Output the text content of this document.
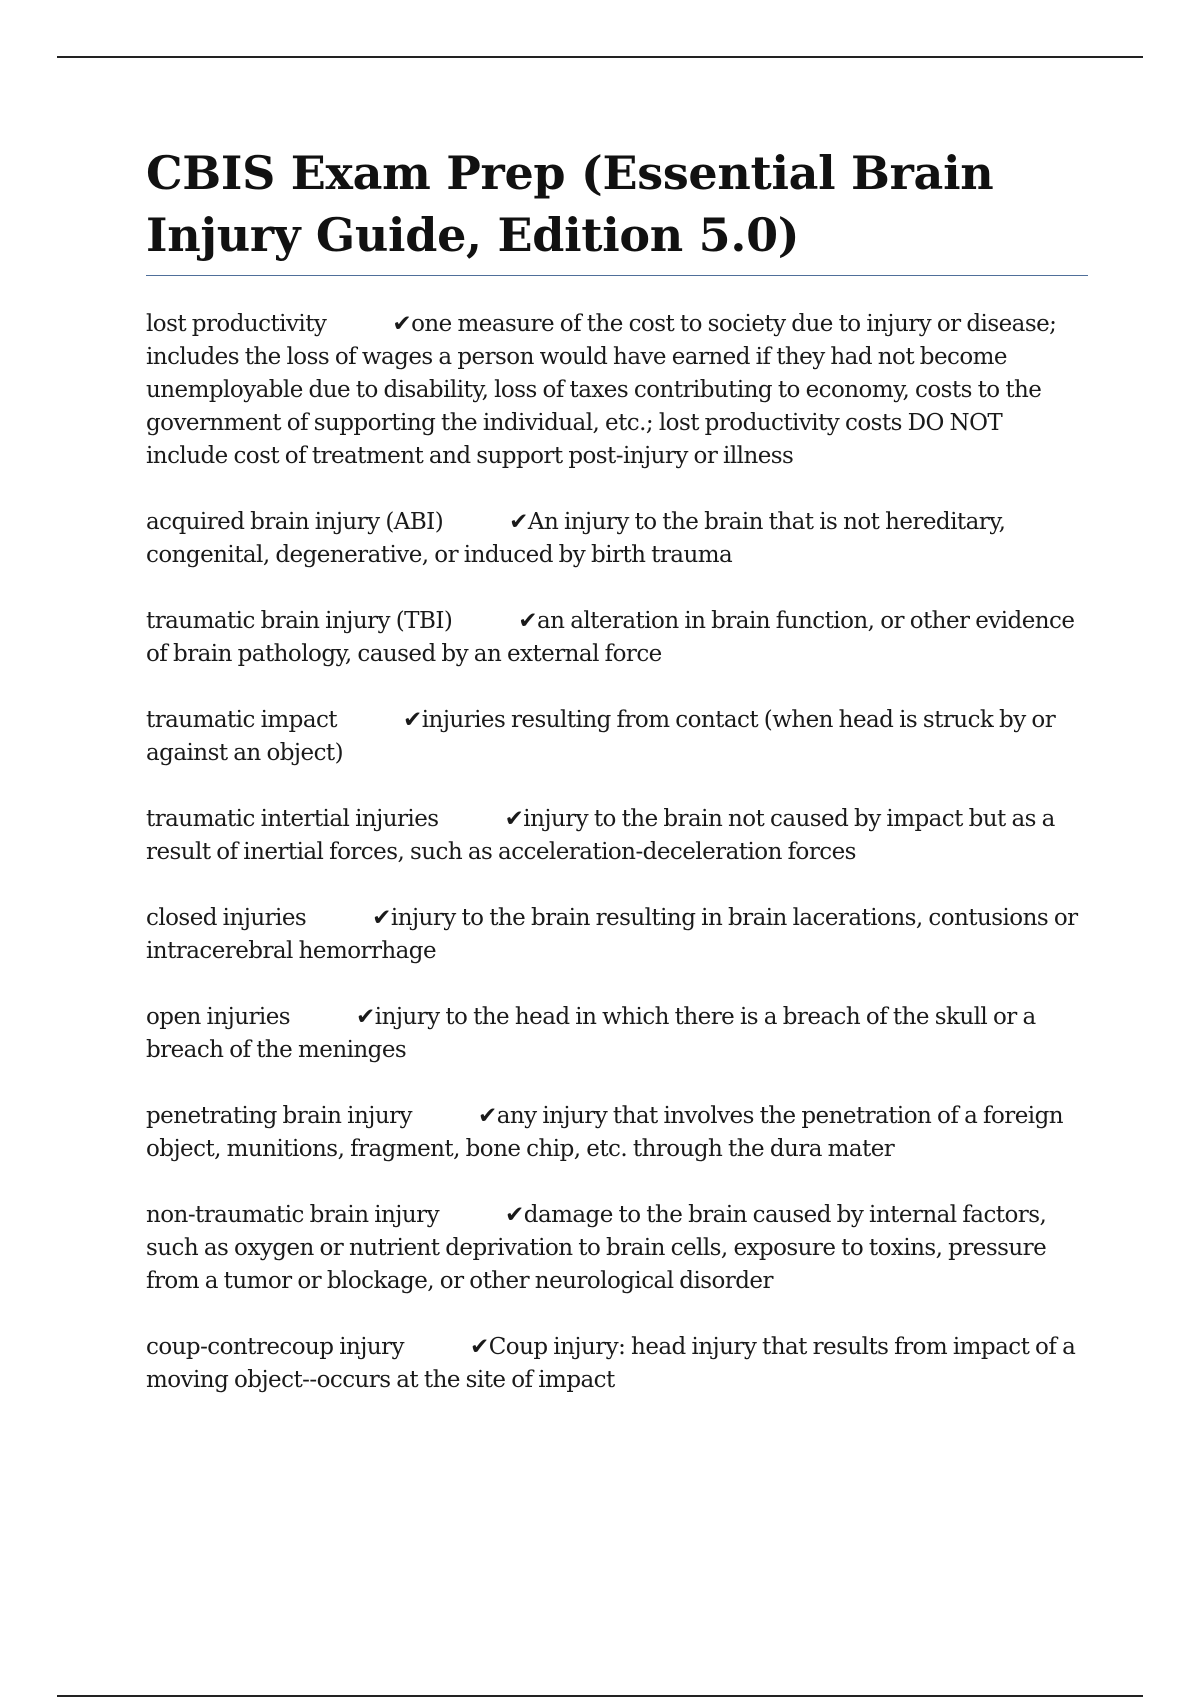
CBIS Exam Prep (Essential Brain Injury Guide, Edition 5.0)

lost productivity	✔one measure of the cost to society due to injury or disease; includes the loss of wages a person would have earned if they had not become unemployable due to disability, loss of taxes contributing to economy, costs to the government of supporting the individual, etc.; lost productivity costs DO NOT include cost of treatment and support post-injury or illness

acquired brain injury (ABI)	✔An injury to the brain that is not hereditary, congenital, degenerative, or induced by birth trauma

traumatic brain injury (TBI)	✔an alteration in brain function, or other evidence of brain pathology, caused by an external force

traumatic impact	✔injuries resulting from contact (when head is struck by or against an object)

traumatic intertial injuries	✔injury to the brain not caused by impact but as a result of inertial forces, such as acceleration-deceleration forces

closed injuries	✔injury to the brain resulting in brain lacerations, contusions or intracerebral hemorrhage

open injuries	✔injury to the head in which there is a breach of the skull or a breach of the meninges

penetrating brain injury	✔any injury that involves the penetration of a foreign object, munitions, fragment, bone chip, etc. through the dura mater

non-traumatic brain injury	✔damage to the brain caused by internal factors, such as oxygen or nutrient deprivation to brain cells, exposure to toxins, pressure from a tumor or blockage, or other neurological disorder

coup-contrecoup injury	✔Coup injury: head injury that results from impact of a moving object--occurs at the site of impact
